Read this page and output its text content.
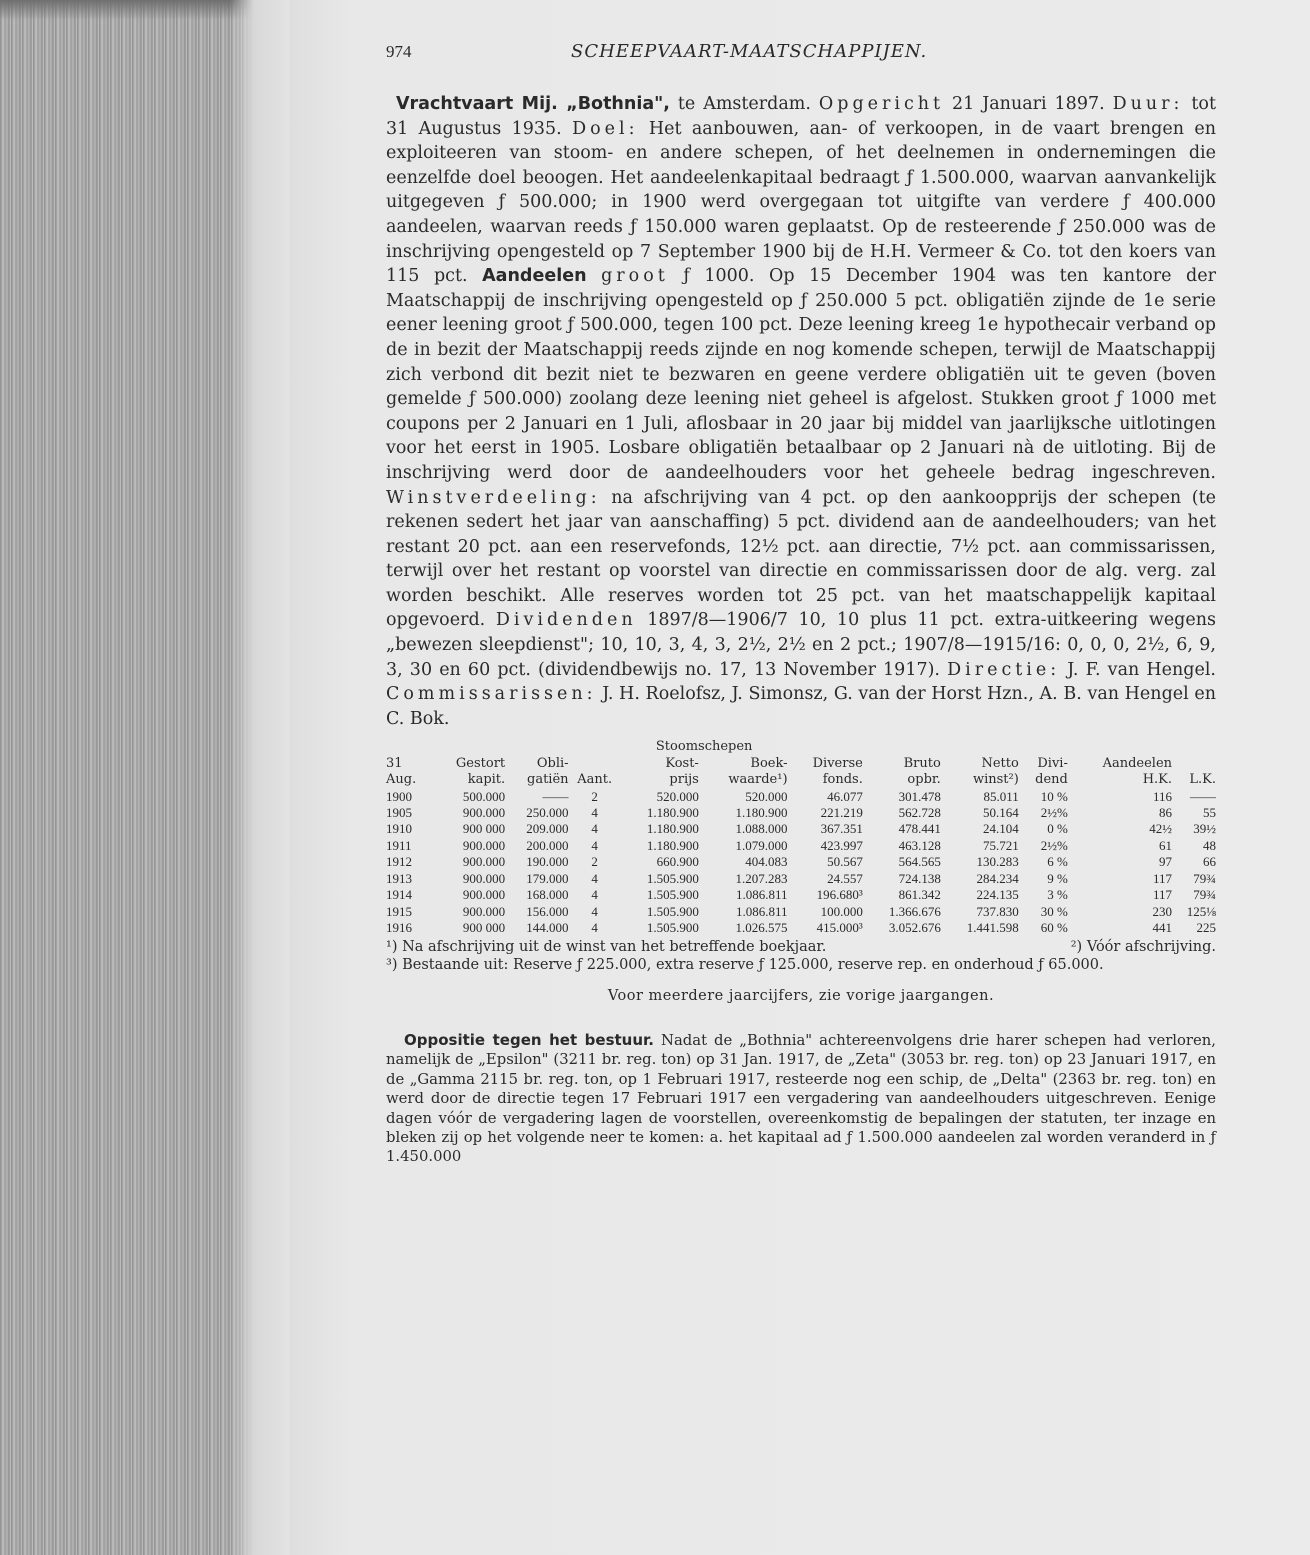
974	SCHEEPVAART-MAATSCHAPPIJEN.

Vrachtvaart Mij. „Bothnia", te Amsterdam. Opgericht 21 Januari 1897. Duur: tot 31 Augustus 1935. Doel: Het aanbouwen, aan- of verkoopen, in de vaart brengen en exploiteeren van stoom- en andere schepen, of het deelnemen in ondernemingen die eenzelfde doel beoogen. Het aandeelenkapitaal bedraagt ƒ 1.500.000, waarvan aanvankelijk uitgegeven ƒ 500.000; in 1900 werd overgegaan tot uitgifte van verdere ƒ 400.000 aandeelen, waarvan reeds ƒ 150.000 waren geplaatst. Op de resteerende ƒ 250.000 was de inschrijving opengesteld op 7 September 1900 bij de H.H. Vermeer & Co. tot den koers van 115 pct. Aandeelen groot ƒ 1000. Op 15 December 1904 was ten kantore der Maatschappij de inschrijving opengesteld op ƒ 250.000 5 pct. obligatiën zijnde de 1e serie eener leening groot ƒ 500.000, tegen 100 pct. Deze leening kreeg 1e hypothecair verband op de in bezit der Maatschappij reeds zijnde en nog komende schepen, terwijl de Maatschappij zich verbond dit bezit niet te bezwaren en geene verdere obligatiën uit te geven (boven gemelde ƒ 500.000) zoolang deze leening niet geheel is afgelost. Stukken groot ƒ 1000 met coupons per 2 Januari en 1 Juli, aflosbaar in 20 jaar bij middel van jaarlijksche uitlotingen voor het eerst in 1905. Losbare obligatiën betaalbaar op 2 Januari nà de uitloting. Bij de inschrijving werd door de aandeelhouders voor het geheele bedrag ingeschreven. Winstverdeeling: na afschrijving van 4 pct. op den aankoopprijs der schepen (te rekenen sedert het jaar van aanschaffing) 5 pct. dividend aan de aandeelhouders; van het restant 20 pct. aan een reservefonds, 12½ pct. aan directie, 7½ pct. aan commissarissen, terwijl over het restant op voorstel van directie en commissarissen door de alg. verg. zal worden beschikt. Alle reserves worden tot 25 pct. van het maatschappelijk kapitaal opgevoerd. Dividenden 1897/8—1906/7 10, 10 plus 11 pct. extra-uitkeering wegens „bewezen sleepdienst"; 10, 10, 3, 4, 3, 2½, 2½ en 2 pct.; 1907/8—1915/16: 0, 0, 0, 2½, 6, 9, 3, 30 en 60 pct. (dividendbewijs no. 17, 13 November 1917). Directie: J. F. van Hengel. Commissarissen: J. H. Roelofsz, J. Simonsz, G. van der Horst Hzn., A. B. van Hengel en C. Bok.

				Stoomschepen							
31	Gestort	Obli-		Kost-	Boek-	Diverse	Bruto	Netto	Divi-	Aandeelen	
Aug.	kapit.	gatiën	Aant.	prijs	waarde¹)	fonds.	opbr.	winst²)	dend	H.K.	L.K.
1900	500.000	——	2	520.000	520.000	46.077	301.478	85.011	10 %	116	——
1905	900.000	250.000	4	1.180.900	1.180.900	221.219	562.728	50.164	2½%	86	55
1910	900 000	209.000	4	1.180.900	1.088.000	367.351	478.441	24.104	0 %	42½	39½
1911	900.000	200.000	4	1.180.900	1.079.000	423.997	463.128	75.721	2½%	61	48
1912	900.000	190.000	2	660.900	404.083	50.567	564.565	130.283	6 %	97	66
1913	900.000	179.000	4	1.505.900	1.207.283	24.557	724.138	284.234	9 %	117	79¾
1914	900.000	168.000	4	1.505.900	1.086.811	196.680³	861.342	224.135	3 %	117	79¾
1915	900.000	156.000	4	1.505.900	1.086.811	100.000	1.366.676	737.830	30 %	230	125⅛
1916	900 000	144.000	4	1.505.900	1.026.575	415.000³	3.052.676	1.441.598	60 %	441	225
¹) Na afschrijving uit de winst van het betreffende boekjaar.	²) Vóór afschrijving.
³) Bestaande uit: Reserve ƒ 225.000, extra reserve ƒ 125.000, reserve rep. en onderhoud ƒ 65.000.
Voor meerdere jaarcijfers, zie vorige jaargangen.

Oppositie tegen het bestuur. Nadat de „Bothnia" achtereenvolgens drie harer schepen had verloren, namelijk de „Epsilon" (3211 br. reg. ton) op 31 Jan. 1917, de „Zeta" (3053 br. reg. ton) op 23 Januari 1917, en de „Gamma 2115 br. reg. ton, op 1 Februari 1917, resteerde nog een schip, de „Delta" (2363 br. reg. ton) en werd door de directie tegen 17 Februari 1917 een vergadering van aandeelhouders uitgeschreven. Eenige dagen vóór de vergadering lagen de voorstellen, overeenkomstig de bepalingen der statuten, ter inzage en bleken zij op het volgende neer te komen: a. het kapitaal ad ƒ 1.500.000 aandeelen zal worden veranderd in ƒ 1.450.000
